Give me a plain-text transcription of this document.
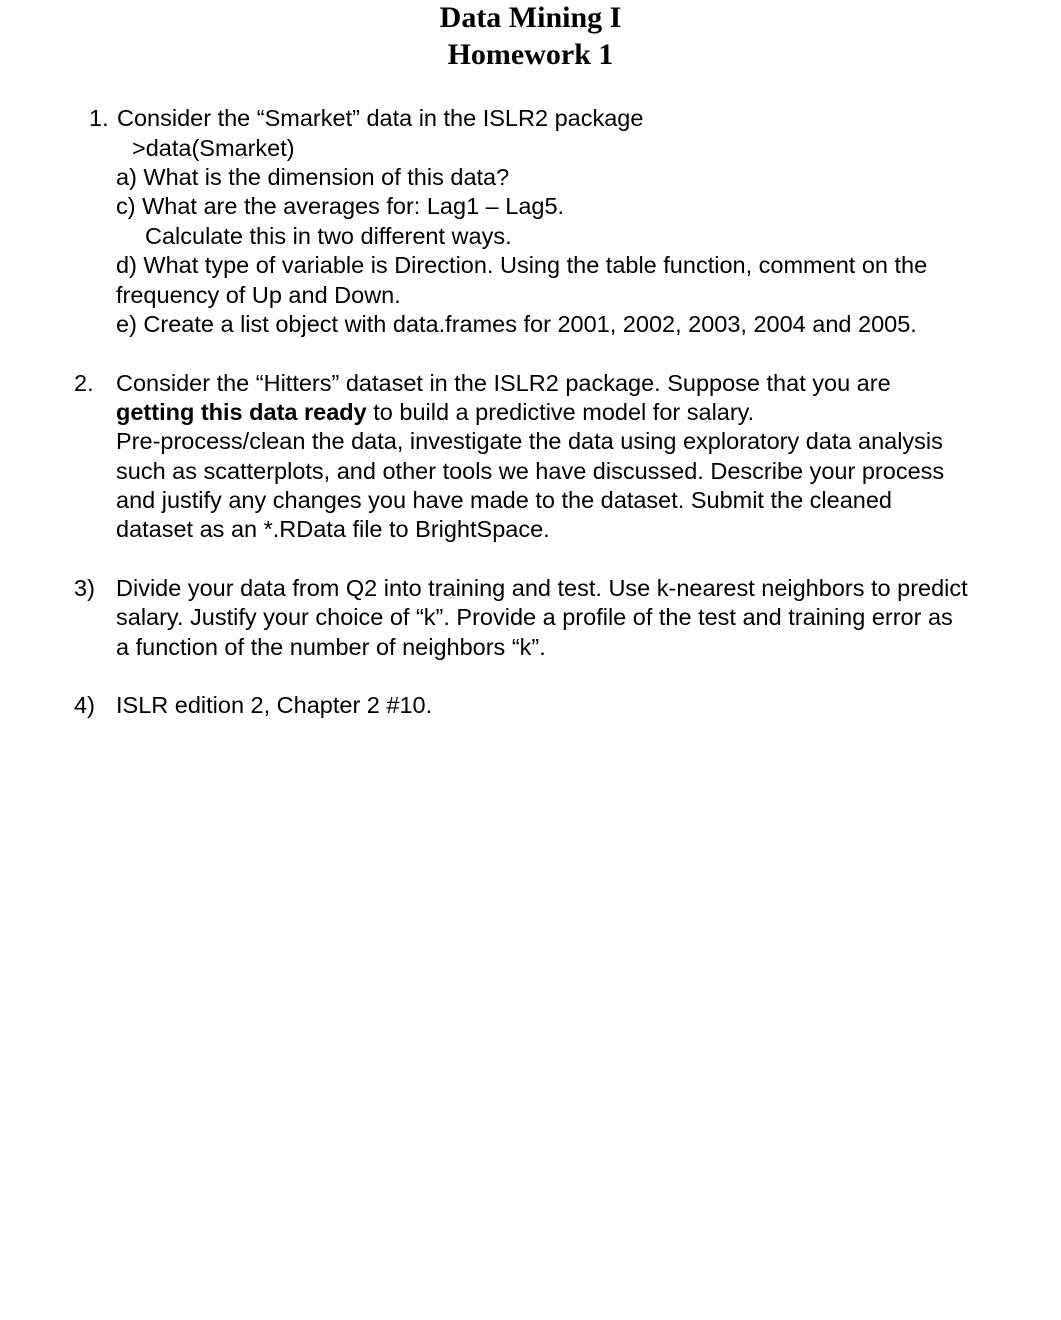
Data Mining I
Homework 1
1. Consider the “Smarket” data in the ISLR2 package
>data(Smarket)
a) What is the dimension of this data?
c) What are the averages for: Lag1 – Lag5.
Calculate this in two different ways.
d) What type of variable is Direction. Using the table function, comment on the
frequency of Up and Down.
e) Create a list object with data.frames for 2001, 2002, 2003, 2004 and 2005.
2. Consider the “Hitters” dataset in the ISLR2 package. Suppose that you are
getting this data ready to build a predictive model for salary.
Pre-process/clean the data, investigate the data using exploratory data analysis
such as scatterplots, and other tools we have discussed. Describe your process
and justify any changes you have made to the dataset. Submit the cleaned
dataset as an *.RData file to BrightSpace.
3) Divide your data from Q2 into training and test. Use k-nearest neighbors to predict
salary. Justify your choice of “k”. Provide a profile of the test and training error as
a function of the number of neighbors “k”.
4) ISLR edition 2, Chapter 2 #10.
